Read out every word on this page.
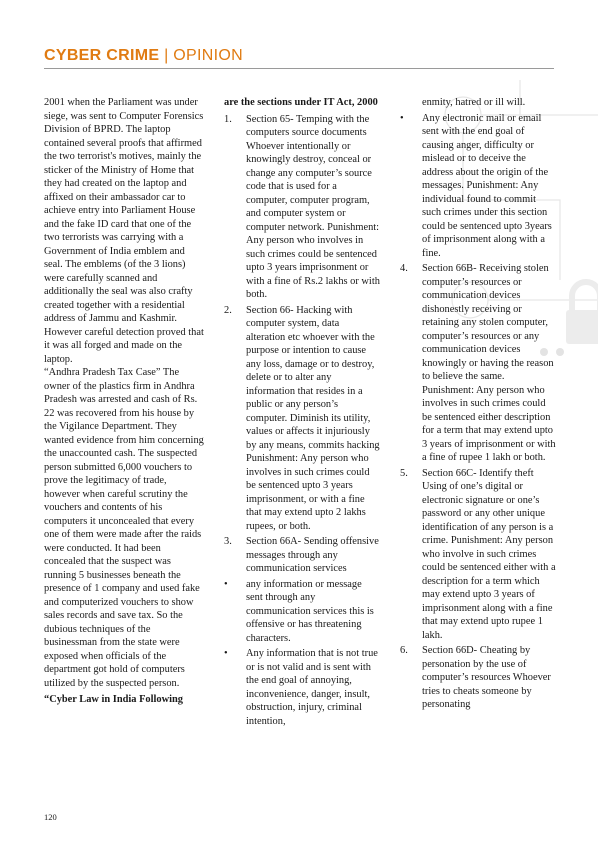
CYBER CRIME | OPINION

2001 when the Parliament was under siege, was sent to Computer Forensics Division of BPRD. The laptop contained several proofs that affirmed the two terrorist's motives, mainly the sticker of the Ministry of Home that they had created on the laptop and affixed on their ambassador car to achieve entry into Parliament House and the fake ID card that one of the two terrorists was carrying with a Government of India emblem and seal. The emblems (of the 3 lions) were carefully scanned and additionally the seal was also crafty created together with a residential address of Jammu and Kashmir. However careful detection proved that it was all forged and made on the laptop.

“Andhra Pradesh Tax Case” The owner of the plastics firm in Andhra Pradesh was arrested and cash of Rs. 22 was recovered from his house by the Vigilance Department. They wanted evidence from him concerning the unaccounted cash. The suspected person submitted 6,000 vouchers to prove the legitimacy of trade, however when careful scrutiny the vouchers and contents of his computers it unconcealed that every one of them were made after the raids were conducted. It had been concealed that the suspect was running 5 businesses beneath the presence of 1 company and used fake and computerized vouchers to show sales records and save tax. So the dubious techniques of the businessman from the state were exposed when officials of the department got hold of computers utilized by the suspected person.

“Cyber Law in India Following

are the sections under IT Act, 2000

1. Section 65- Temping with the computers source documents Whoever intentionally or knowingly destroy, conceal or change any computer’s source code that is used for a computer, computer program, and computer system or computer network. Punishment: Any person who involves in such crimes could be sentenced upto 3 years imprisonment or with a fine of Rs.2 lakhs or with both.
2. Section 66- Hacking with computer system, data alteration etc whoever with the purpose or intention to cause any loss, damage or to destroy, delete or to alter any information that resides in a public or any person’s computer. Diminish its utility, values or affects it injuriously by any means, commits hacking Punishment: Any person who involves in such crimes could be sentenced upto 3 years imprisonment, or with a fine that may extend upto 2 lakhs rupees, or both.
3. Section 66A- Sending offensive messages through any communication services
• any information or message sent through any communication services this is offensive or has threatening characters.
• Any information that is not true or is not valid and is sent with the end goal of annoying, inconvenience, danger, insult, obstruction, injury, criminal intention,

enmity, hatred or ill will.

• Any electronic mail or email sent with the end goal of causing anger, difficulty or mislead or to deceive the address about the origin of the messages. Punishment: Any individual found to commit such crimes under this section could be sentenced upto 3years of imprisonment along with a fine.
4. Section 66B- Receiving stolen computer’s resources or communication devices dishonestly receiving or retaining any stolen computer, computer’s resources or any communication devices knowingly or having the reason to believe the same. Punishment: Any person who involves in such crimes could be sentenced either description for a term that may extend upto 3 years of imprisonment or with a fine of rupee 1 lakh or both.
5. Section 66C- Identify theft Using of one’s digital or electronic signature or one’s password or any other unique identification of any person is a crime. Punishment: Any person who involve in such crimes could be sentenced either with a description for a term which may extend upto 3 years of imprisonment along with a fine that may extend upto rupee 1 lakh.
6. Section 66D- Cheating by personation by the use of computer’s resources Whoever tries to cheats someone by personating
120
